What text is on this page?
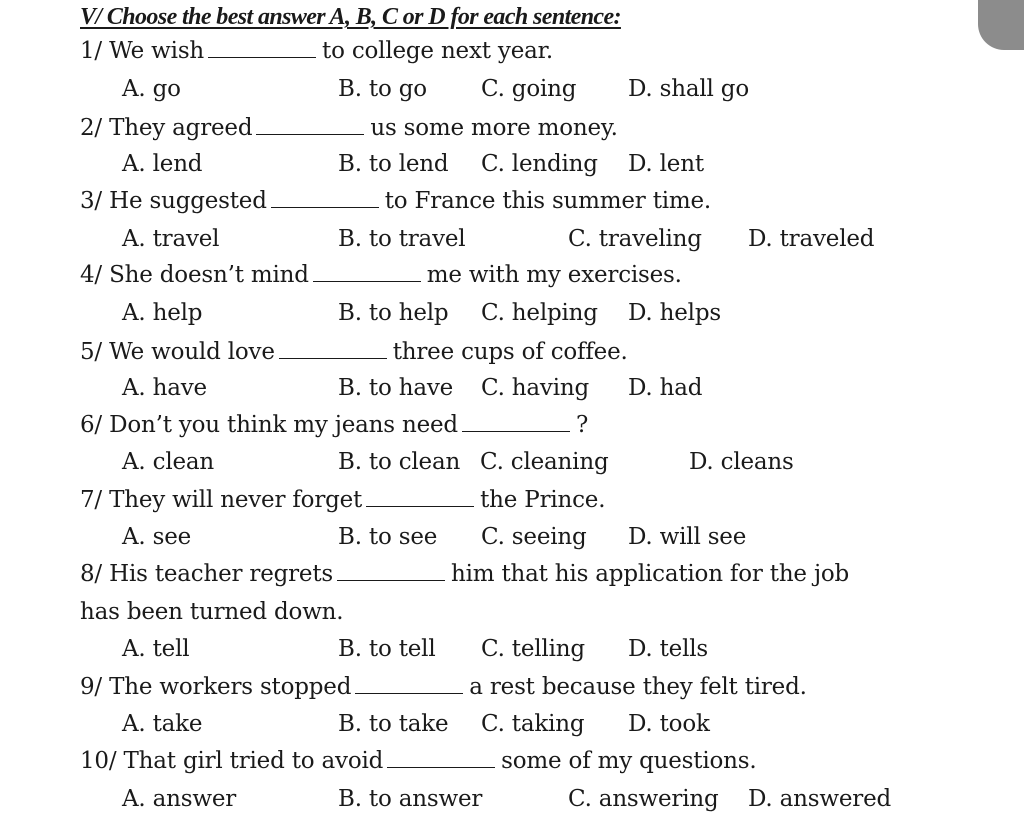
V/ Choose the best answer A, B, C or D for each sentence:
1/ We wish	to college next year.
A. go	B. to go C. going D. shall go
2/ They agreed	us some more money.
A. lend	B. to lend C. lending D. lent
3/ He suggested	to France this summer time.
A. travel	B. to travel	C. traveling D. traveled
4/ She doesn’t mind	me with my exercises.
A. help	B. to help C. helping D. helps
5/ We would love	three cups of coffee.
A. have	B. to have C. having D. had
6/ Don’t you think my jeans need	?
A. clean	B. to clean C. cleaning	D. cleans
7/ They will never forget	the Prince.
A. see	B. to see C. seeing D. will see
8/ His teacher regrets	him that his application for the job
has been turned down.
A. tell	B. to tell C. telling D. tells
9/ The workers stopped	a rest because they felt tired.
A. take	B. to take C. taking D. took
10/ That girl tried to avoid	some of my questions.
A. answer	B. to answer	C. answering D. answered
